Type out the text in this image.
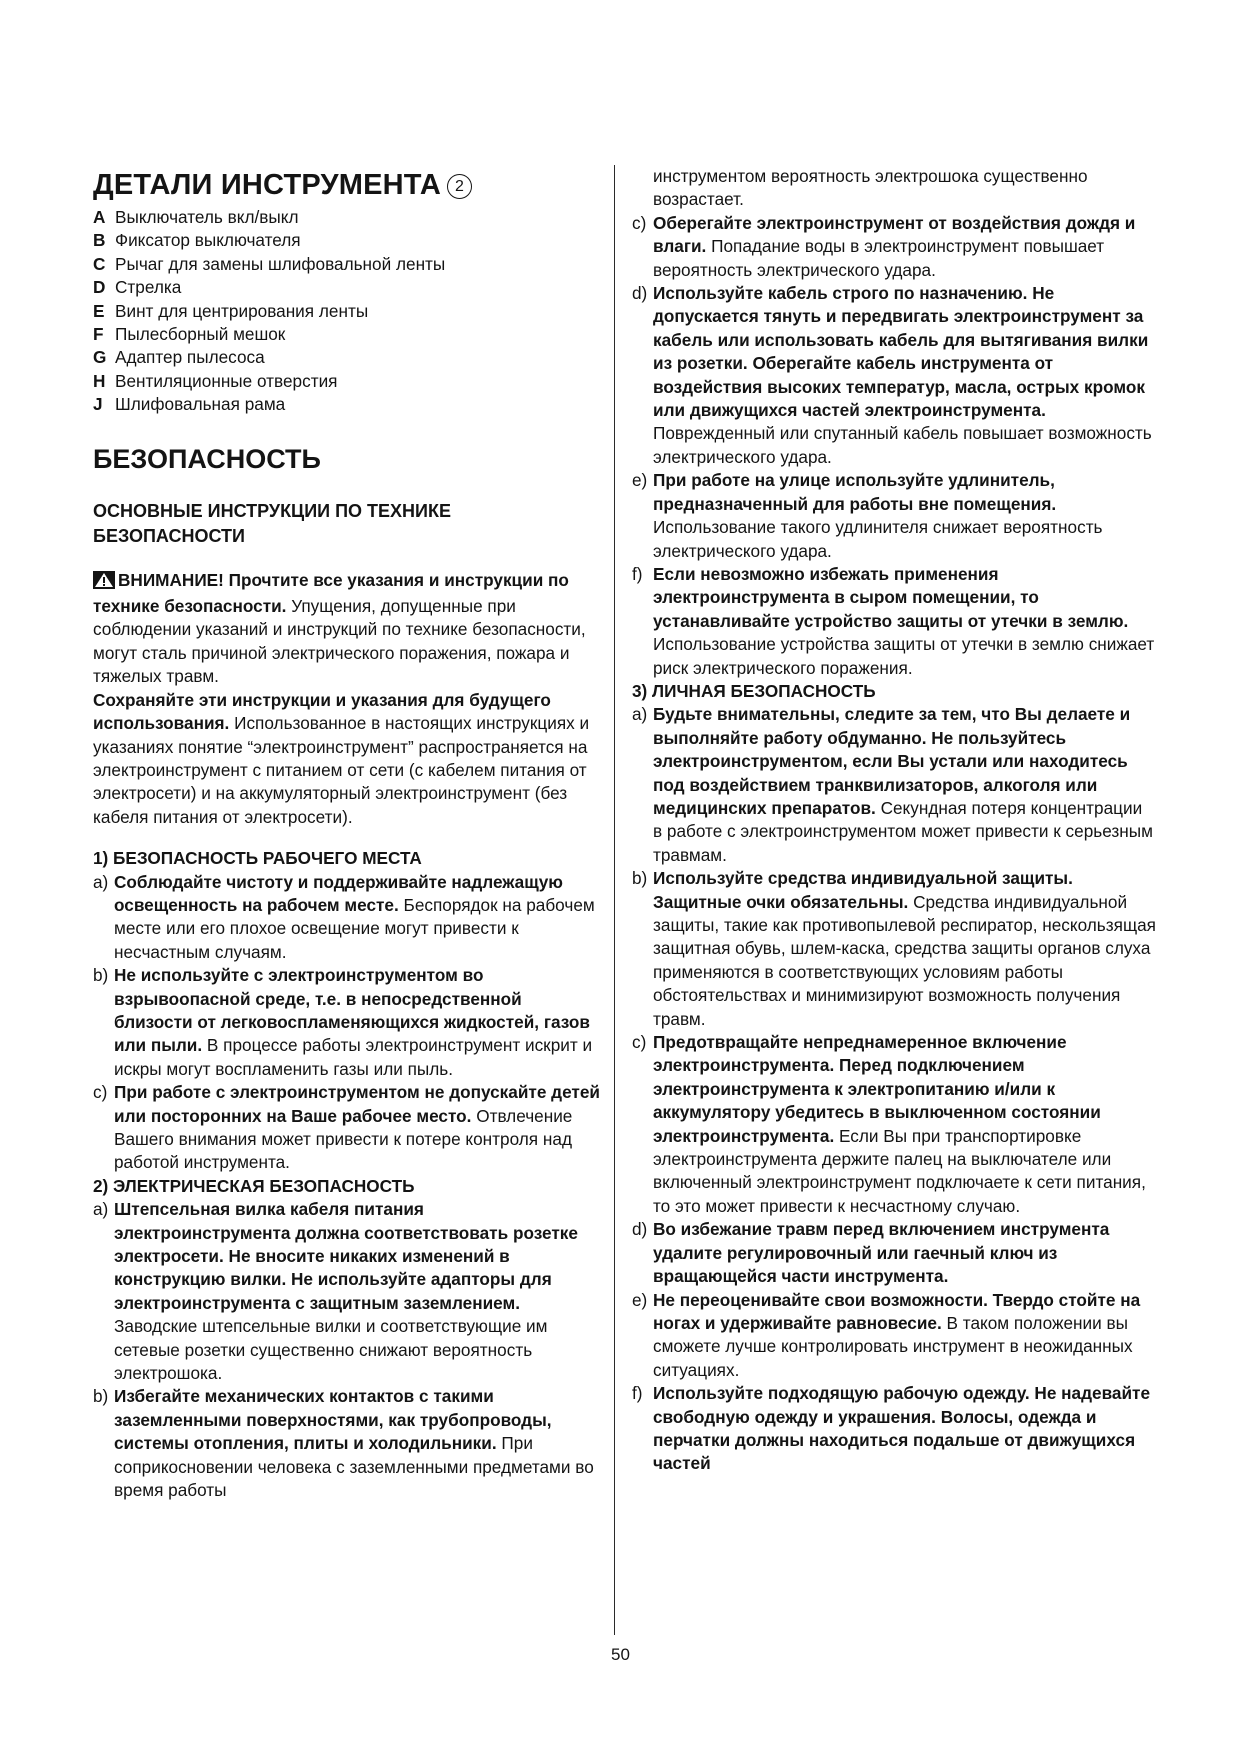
ДЕТАЛИ ИНСТРУМЕНТА 2
A Выключатель вкл/выкл
B Фиксатор выключателя
C Рычаг для замены шлифовальной ленты
D Стрелка
E Винт для центрирования ленты
F Пылесборный мешок
G Адаптер пылесоса
H Вентиляционные отверстия
J Шлифовальная рама
БЕЗОПАСНОСТЬ
ОСНОВНЫЕ ИНСТРУКЦИИ ПО ТЕХНИКЕ
БЕЗОПАСНОСТИ
ВНИМАНИЕ! Прочтите все указания и инструкции по технике безопасности. Упущения, допущенные при соблюдении указаний и инструкций по технике безопасности, могут сталь причиной электрического поражения, пожара и тяжелых травм.
Сохраняйте эти инструкции и указания для будущего использования. Использованное в настоящих инструкциях и указаниях понятие “электроинструмент” распространяется на электроинструмент с питанием от сети (с кабелем питания от электросети) и на аккумуляторный электроинструмент (без кабеля питания от электросети).
1) БЕЗОПАСНОСТЬ РАБОЧЕГО МЕСТА
a) Соблюдайте чистоту и поддерживайте надлежащую освещенность на рабочем месте. Беспорядок на рабочем месте или его плохое освещение могут привести к несчастным случаям.
b) Не используйте с электроинструментом во взрывоопасной среде, т.е. в непосредственной близости от легковоспламеняющихся жидкостей, газов или пыли. В процессе работы электроинструмент искрит и искры могут воспламенить газы или пыль.
c) При работе с электроинструментом не допускайте детей или посторонних на Ваше рабочее место. Отвлечение Вашего внимания может привести к потере контроля над работой инструмента.
2) ЭЛЕКТРИЧЕСКАЯ БЕЗОПАСНОСТЬ
a) Штепсельная вилка кабеля питания электроинструмента должна соответствовать розетке электросети. Не вносите никаких изменений в конструкцию вилки. Не используйте адапторы для электроинструмента с защитным заземлением. Заводские штепсельные вилки и соответствующие им сетевые розетки существенно снижают вероятность электрошока.
b) Избегайте механических контактов с такими заземленными поверхностями, как трубопроводы, системы отопления, плиты и холодильники. При соприкосновении человека с заземленными предметами во время работы
инструментом вероятность электрошока существенно возрастает.
c) Оберегайте электроинструмент от воздействия дождя и влаги. Попадание воды в электроинструмент повышает вероятность электрического удара.
d) Используйте кабель строго по назначению. Не допускается тянуть и передвигать электроинструмент за кабель или использовать кабель для вытягивания вилки из розетки. Оберегайте кабель инструмента от воздействия высоких температур, масла, острых кромок или движущихся частей электроинструмента. Поврежденный или спутанный кабель повышает возможность электрического удара.
e) При работе на улице используйте удлинитель, предназначенный для работы вне помещения. Использование такого удлинителя снижает вероятность электрического удара.
f) Если невозможно избежать применения электроинструмента в сыром помещении, то устанавливайте устройство защиты от утечки в землю. Использование устройства защиты от утечки в землю снижает риск электрического поражения.
3) ЛИЧНАЯ БЕЗОПАСНОСТЬ
a) Будьте внимательны, следите за тем, что Вы делаете и выполняйте работу обдуманно. Не пользуйтесь электроинструментом, если Вы устали или находитесь под воздействием транквилизаторов, алкоголя или медицинских препаратов. Секундная потеря концентрации в работе с электроинструментом может привести к серьезным травмам.
b) Используйте средства индивидуальной защиты. Защитные очки обязательны. Средства индивидуальной защиты, такие как противопылевой респиратор, нескользящая защитная обувь, шлем-каска, средства защиты органов слуха применяются в соответствующих условиям работы обстоятельствах и минимизируют возможность получения травм.
c) Предотвращайте непреднамеренное включение электроинструмента. Перед подключением электроинструмента к электропитанию и/или к аккумулятору убедитесь в выключенном состоянии электроинструмента. Если Вы при транспортировке электроинструмента держите палец на выключателе или включенный электроинструмент подключаете к сети питания, то это может привести к несчастному случаю.
d) Во избежание травм перед включением инструмента удалите регулировочный или гаечный ключ из вращающейся части инструмента.
e) Не переоценивайте свои возможности. Твердо стойте на ногах и удерживайте равновесие. В таком положении вы сможете лучше контролировать инструмент в неожиданных ситуациях.
f) Используйте подходящую рабочую одежду. Не надевайте свободную одежду и украшения. Волосы, одежда и перчатки должны находиться подальше от движущихся частей
50
